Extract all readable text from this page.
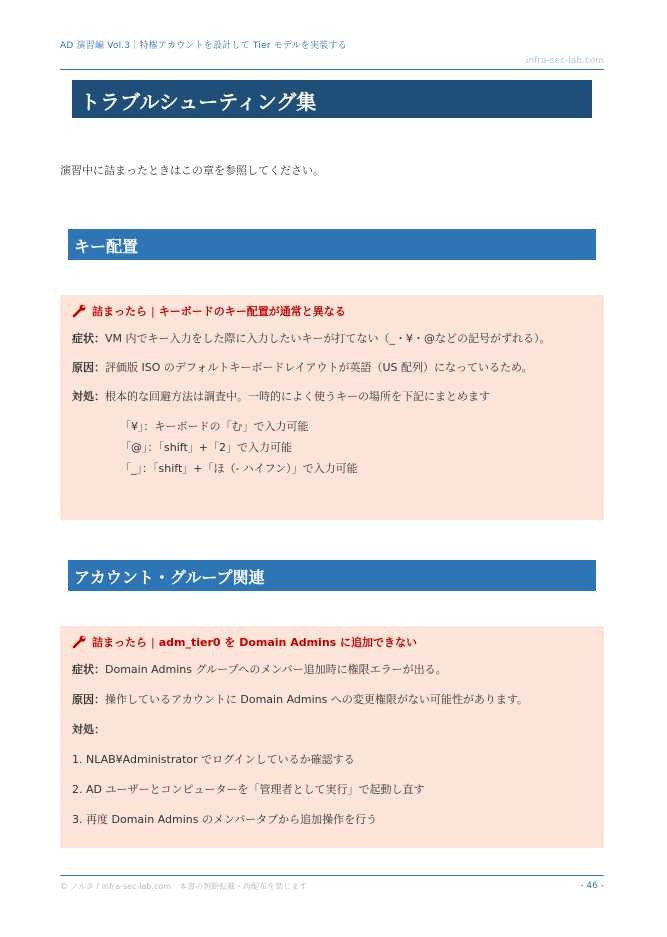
AD 演習編 Vol.3｜特権アカウントを設計して Tier モデルを実装する
infra-sec-lab.com
トラブルシューティング集
演習中に詰まったときはこの章を参照してください。
キー配置
詰まったら | キーボードのキー配置が通常と異なる
症状：VM 内でキー入力をした際に入力したいキーが打てない（_・¥・@などの記号がずれる）。
原因：評価版 ISO のデフォルトキーボードレイアウトが英語（US 配列）になっているため。
対処：根本的な回避方法は調査中。一時的によく使うキーの場所を下記にまとめます
「¥」：キーボードの「む」で入力可能
「@」：「shift」+「2」で入力可能
「_」：「shift」+「ほ（- ハイフン）」で入力可能
アカウント・グループ関連
詰まったら | adm_tier0 を Domain Admins に追加できない
症状：Domain Admins グループへのメンバー追加時に権限エラーが出る。
原因：操作しているアカウントに Domain Admins への変更権限がない可能性があります。
対処：
1. NLAB¥Administrator でログインしているか確認する
2. AD ユーザーとコンピューターを「管理者として実行」で起動し直す
3. 再度 Domain Admins のメンバータブから追加操作を行う
© ノルタ / infra-sec-lab.com　本書の無断転載・再配布を禁じます	- 46 -
